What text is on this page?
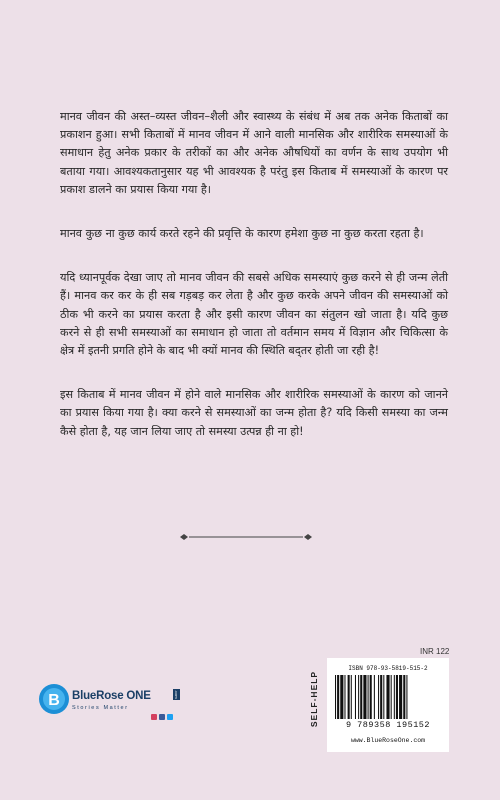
मानव जीवन की अस्त–व्यस्त जीवन–शैली और स्वास्थ्य के संबंध में अब तक अनेक किताबों का प्रकाशन हुआ। सभी किताबों में मानव जीवन में आने वाली मानसिक और शारीरिक समस्याओं के समाधान हेतु अनेक प्रकार के तरीकों का और अनेक औषधियों का वर्णन के साथ उपयोग भी बताया गया। आवश्यकतानुसार यह भी आवश्यक है परंतु इस किताब में समस्याओं के कारण पर प्रकाश डालने का प्रयास किया गया है।

मानव कुछ ना कुछ कार्य करते रहने की प्रवृत्ति के कारण हमेशा कुछ ना कुछ करता रहता है।

यदि ध्यानपूर्वक देखा जाए तो मानव जीवन की सबसे अधिक समस्याएं कुछ करने से ही जन्म लेती हैं। मानव कर कर के ही सब गड़बड़ कर लेता है और कुछ करके अपने जीवन की समस्याओं को ठीक भी करने का प्रयास करता है और इसी कारण जीवन का संतुलन खो जाता है। यदि कुछ करने से ही सभी समस्याओं का समाधान हो जाता तो वर्तमान समय में विज्ञान और चिकित्सा के क्षेत्र में इतनी प्रगति होने के बाद भी क्यों मानव की स्थिति बद्तर होती जा रही है!

इस किताब में मानव जीवन में होने वाले मानसिक और शारीरिक समस्याओं के कारण को जानने का प्रयास किया गया है। क्या करने से समस्याओं का जन्म होता है? यदि किसी समस्या का जन्म कैसे होता है, यह जान लिया जाए तो समस्या उत्पन्न ही ना हो!

INR 122
SELF-HELP
ISBN 978-93-5819-515-2
9 789358 195152
www.BlueRoseOne.com
B BlueRose ONE	.com
Stories Matter
